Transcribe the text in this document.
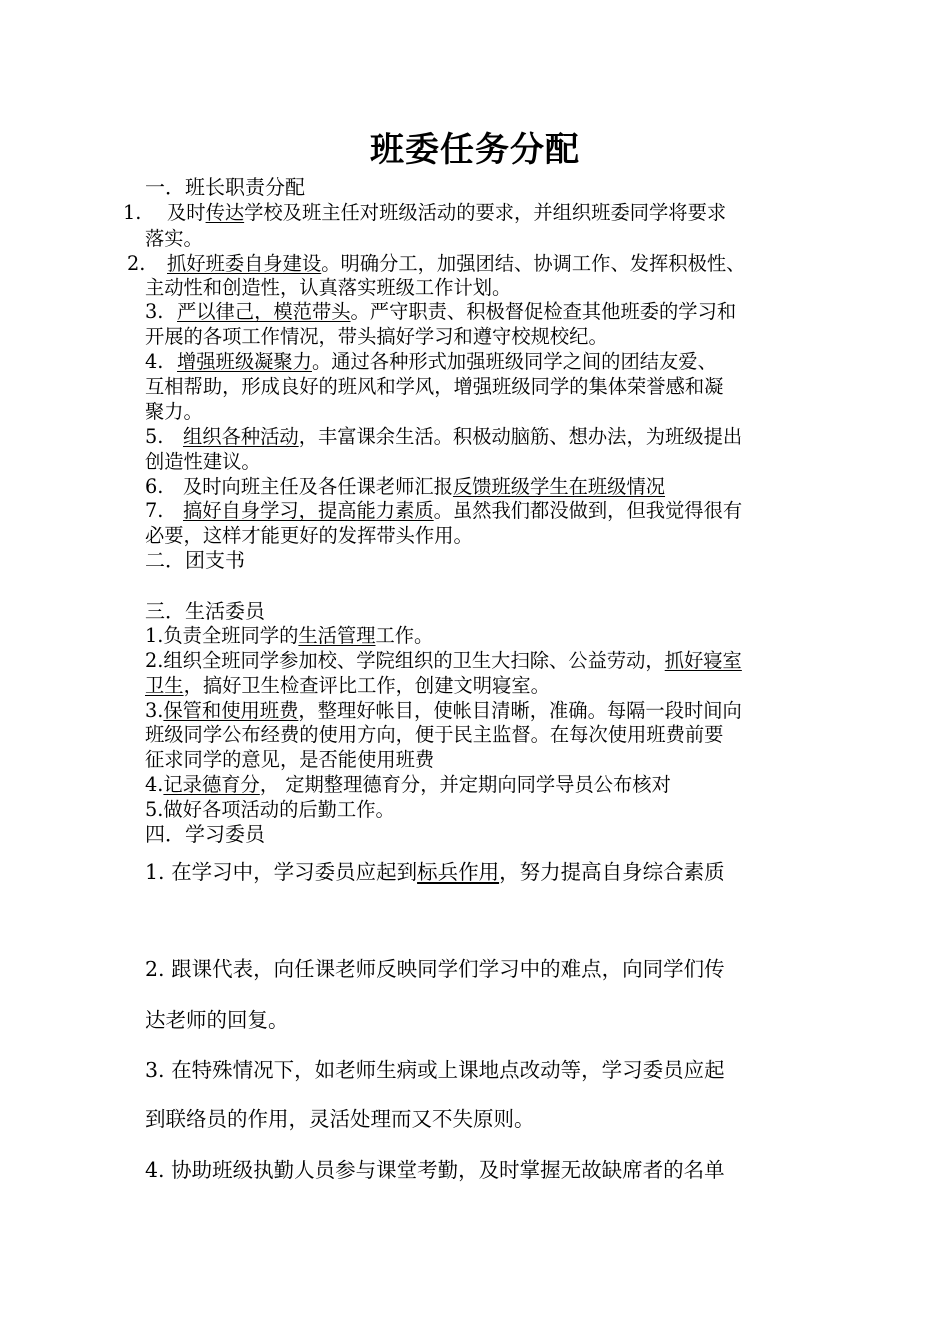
班委任务分配
一．班长职责分配
1. 及时传达学校及班主任对班级活动的要求，并组织班委同学将要求
落实。
2. 抓好班委自身建设。明确分工，加强团结、协调工作、发挥积极性、
主动性和创造性，认真落实班级工作计划。
3. 严以律己，模范带头。严守职责、积极督促检查其他班委的学习和
开展的各项工作情况，带头搞好学习和遵守校规校纪。
4. 增强班级凝聚力。通过各种形式加强班级同学之间的团结友爱、
互相帮助，形成良好的班风和学风，增强班级同学的集体荣誉感和凝
聚力。
5. 组织各种活动，丰富课余生活。积极动脑筋、想办法，为班级提出
创造性建议。
6. 及时向班主任及各任课老师汇报反馈班级学生在班级情况
7. 搞好自身学习，提高能力素质。虽然我们都没做到，但我觉得很有
必要，这样才能更好的发挥带头作用。
二．团支书
三．生活委员
1.负责全班同学的生活管理工作。
2.组织全班同学参加校、学院组织的卫生大扫除、公益劳动，抓好寝室
卫生，搞好卫生检查评比工作，创建文明寝室。
3.保管和使用班费，整理好帐目，使帐目清晰，准确。每隔一段时间向
班级同学公布经费的使用方向，便于民主监督。在每次使用班费前要
征求同学的意见，是否能使用班费
4.记录德育分， 定期整理德育分，并定期向同学导员公布核对
5.做好各项活动的后勤工作。
四．学习委员
1. 在学习中，学习委员应起到标兵作用，努力提高自身综合素质
2. 跟课代表，向任课老师反映同学们学习中的难点，向同学们传
达老师的回复。
3. 在特殊情况下，如老师生病或上课地点改动等，学习委员应起
到联络员的作用，灵活处理而又不失原则。
4. 协助班级执勤人员参与课堂考勤，及时掌握无故缺席者的名单
